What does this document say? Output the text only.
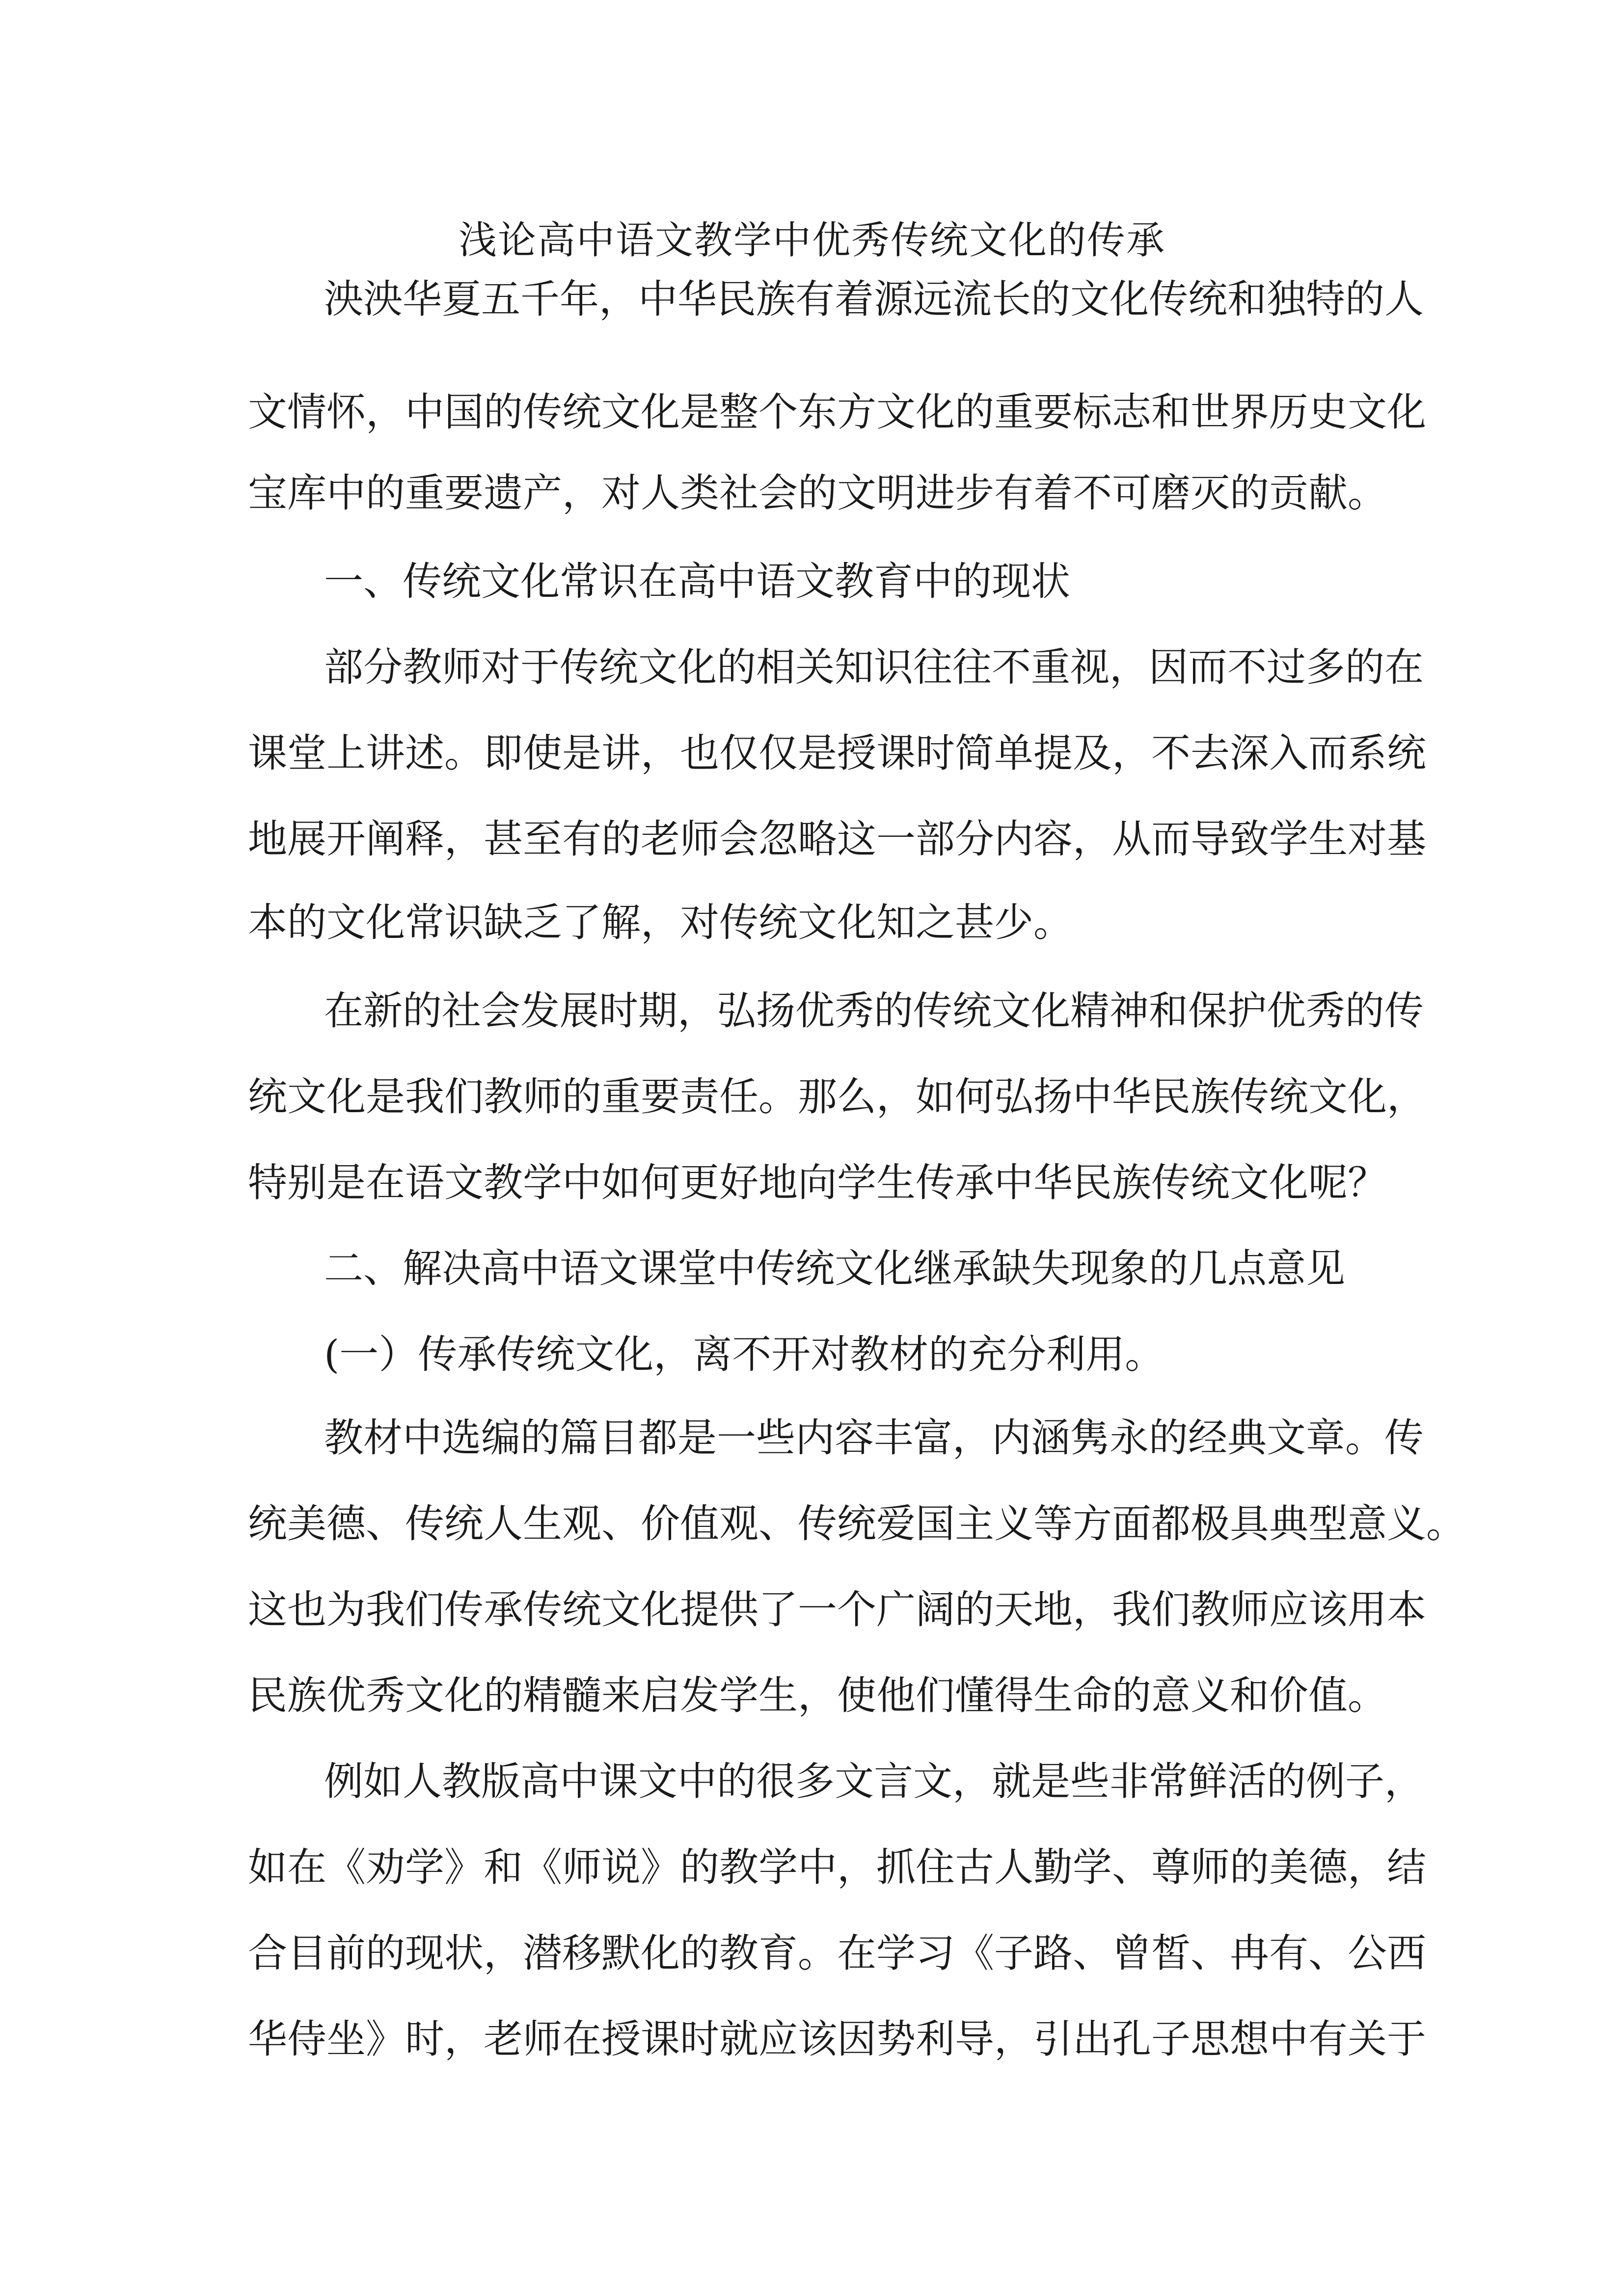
浅论高中语文教学中优秀传统文化的传承
泱泱华夏五千年，中华民族有着源远流长的文化传统和独特的人
文情怀，中国的传统文化是整个东方文化的重要标志和世界历史文化
宝库中的重要遗产，对人类社会的文明进步有着不可磨灭的贡献。
一、传统文化常识在高中语文教育中的现状
部分教师对于传统文化的相关知识往往不重视，因而不过多的在
课堂上讲述。即使是讲，也仅仅是授课时简单提及，不去深入而系统
地展开阐释，甚至有的老师会忽略这一部分内容，从而导致学生对基
本的文化常识缺乏了解，对传统文化知之甚少。
在新的社会发展时期，弘扬优秀的传统文化精神和保护优秀的传
统文化是我们教师的重要责任。那么，如何弘扬中华民族传统文化，
特别是在语文教学中如何更好地向学生传承中华民族传统文化呢？
二、解决高中语文课堂中传统文化继承缺失现象的几点意见
(一）传承传统文化，离不开对教材的充分利用。
教材中选编的篇目都是一些内容丰富，内涵隽永的经典文章。传
统美德、传统人生观、价值观、传统爱国主义等方面都极具典型意义。
这也为我们传承传统文化提供了一个广阔的天地，我们教师应该用本
民族优秀文化的精髓来启发学生，使他们懂得生命的意义和价值。
例如人教版高中课文中的很多文言文，就是些非常鲜活的例子，
如在《劝学》和《师说》的教学中，抓住古人勤学、尊师的美德，结
合目前的现状，潜移默化的教育。在学习《子路、曾皙、冉有、公西
华侍坐》时，老师在授课时就应该因势利导，引出孔子思想中有关于
